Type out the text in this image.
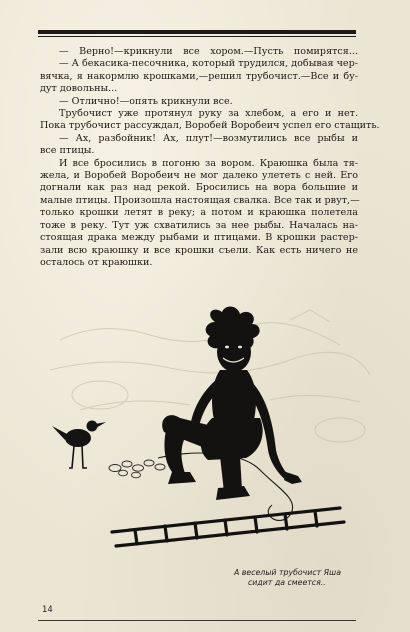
— Верно!—крикнули все хором.—Пусть помирятся...
— А бекасика-песочника, который трудился, добывая чер-
вячка, я накормлю крошками,—решил трубочист.—Все и бу-
дут довольны...
— Отлично!—опять крикнули все.
Трубочист уже протянул руку за хлебом, а его и нет.
Пока трубочист рассуждал, Воробей Воробеич успел его стащить.
— Ах, разбойник! Ах, плут!—возмутились все рыбы и
все птицы.
И все бросились в погоню за вором. Краюшка была тя-
жела, и Воробей Воробеич не мог далеко улететь с ней. Его
догнали как раз над рекой. Бросились на вора большие и
малые птицы. Произошла настоящая свалка. Все так и рвут,—
только крошки летят в реку; а потом и краюшка полетела
тоже в реку. Тут уж схватились за нее рыбы. Началась на-
стоящая драка между рыбами и птицами. В крошки растер-
зали всю краюшку и все крошки съели. Как есть ничего не
осталось от краюшки.
А веселый трубочист Яша
сидит да смеется..
14
